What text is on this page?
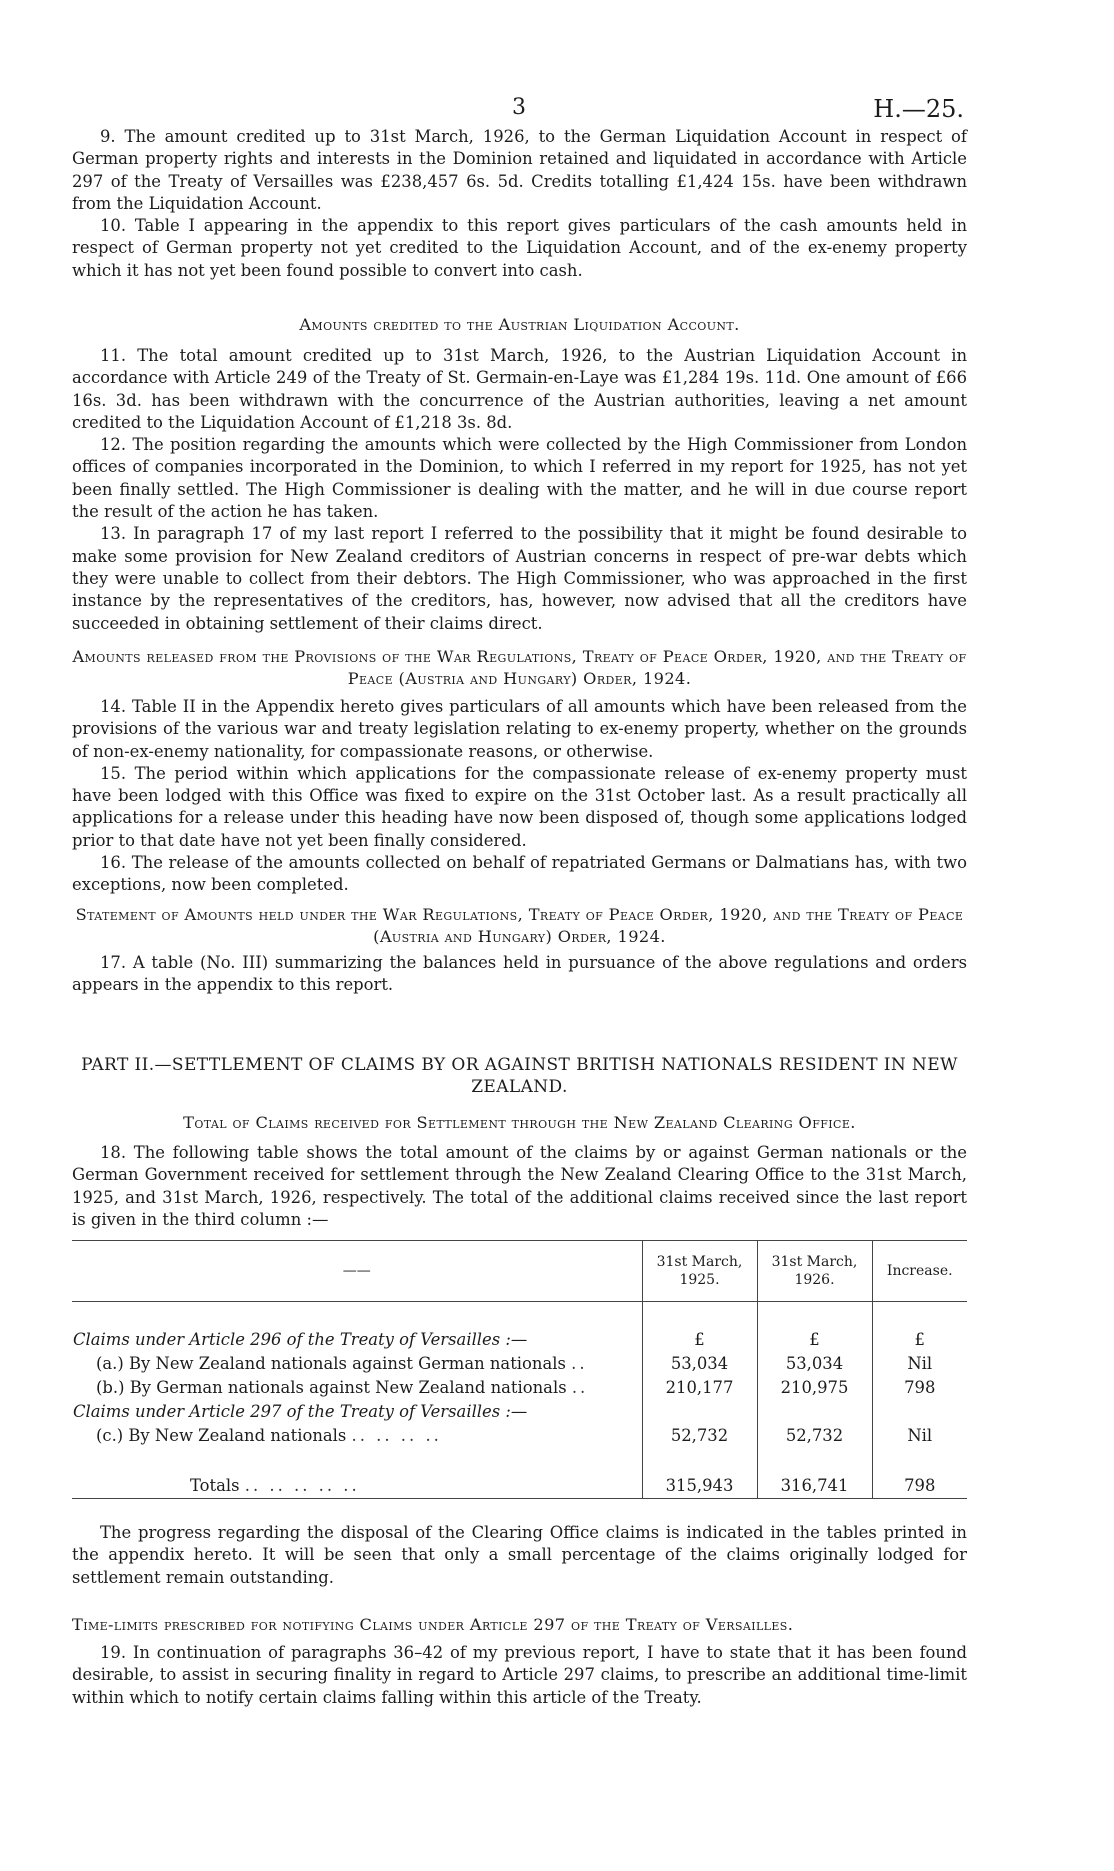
3	H.—25.

9. The amount credited up to 31st March, 1926, to the German Liquidation Account in respect of German property rights and interests in the Dominion retained and liquidated in accordance with Article 297 of the Treaty of Versailles was £238,457 6s. 5d. Credits totalling £1,424 15s. have been withdrawn from the Liquidation Account.

10. Table I appearing in the appendix to this report gives particulars of the cash amounts held in respect of German property not yet credited to the Liquidation Account, and of the ex-enemy property which it has not yet been found possible to convert into cash.

Amounts credited to the Austrian Liquidation Account.

11. The total amount credited up to 31st March, 1926, to the Austrian Liquidation Account in accordance with Article 249 of the Treaty of St. Germain-en-Laye was £1,284 19s. 11d. One amount of £66 16s. 3d. has been withdrawn with the concurrence of the Austrian authorities, leaving a net amount credited to the Liquidation Account of £1,218 3s. 8d.

12. The position regarding the amounts which were collected by the High Commissioner from London offices of companies incorporated in the Dominion, to which I referred in my report for 1925, has not yet been finally settled. The High Commissioner is dealing with the matter, and he will in due course report the result of the action he has taken.

13. In paragraph 17 of my last report I referred to the possibility that it might be found desirable to make some provision for New Zealand creditors of Austrian concerns in respect of pre-war debts which they were unable to collect from their debtors. The High Commissioner, who was approached in the first instance by the representatives of the creditors, has, however, now advised that all the creditors have succeeded in obtaining settlement of their claims direct.

Amounts released from the Provisions of the War Regulations, Treaty of Peace Order, 1920, and the Treaty of Peace (Austria and Hungary) Order, 1924.

14. Table II in the Appendix hereto gives particulars of all amounts which have been released from the provisions of the various war and treaty legislation relating to ex-enemy property, whether on the grounds of non-ex-enemy nationality, for compassionate reasons, or otherwise.

15. The period within which applications for the compassionate release of ex-enemy property must have been lodged with this Office was fixed to expire on the 31st October last. As a result practically all applications for a release under this heading have now been disposed of, though some applications lodged prior to that date have not yet been finally considered.

16. The release of the amounts collected on behalf of repatriated Germans or Dalmatians has, with two exceptions, now been completed.

Statement of Amounts held under the War Regulations, Treaty of Peace Order, 1920, and the Treaty of Peace (Austria and Hungary) Order, 1924.

17. A table (No. III) summarizing the balances held in pursuance of the above regulations and orders appears in the appendix to this report.

PART II.—SETTLEMENT OF CLAIMS BY OR AGAINST BRITISH NATIONALS RESIDENT IN NEW ZEALAND.
Total of Claims received for Settlement through the New Zealand Clearing Office.

18. The following table shows the total amount of the claims by or against German nationals or the German Government received for settlement through the New Zealand Clearing Office to the 31st March, 1925, and 31st March, 1926, respectively. The total of the additional claims received since the last report is given in the third column :—

——	31st March, 1925.	31st March, 1926.	Increase.

Claims under Article 296 of the Treaty of Versailles :—	£	£	£
(a.) By New Zealand nationals against German nationals ..	53,034	53,034	Nil
(b.) By German nationals against New Zealand nationals ..	210,177	210,975	798
Claims under Article 297 of the Treaty of Versailles :—			
(c.) By New Zealand nationals .. .. .. ..	52,732	52,732	Nil

Totals .. .. .. .. ..	315,943	316,741	798

The progress regarding the disposal of the Clearing Office claims is indicated in the tables printed in the appendix hereto. It will be seen that only a small percentage of the claims originally lodged for settlement remain outstanding.

Time-limits prescribed for notifying Claims under Article 297 of the Treaty of Versailles.

19. In continuation of paragraphs 36–42 of my previous report, I have to state that it has been found desirable, to assist in securing finality in regard to Article 297 claims, to prescribe an additional time-limit within which to notify certain claims falling within this article of the Treaty.
